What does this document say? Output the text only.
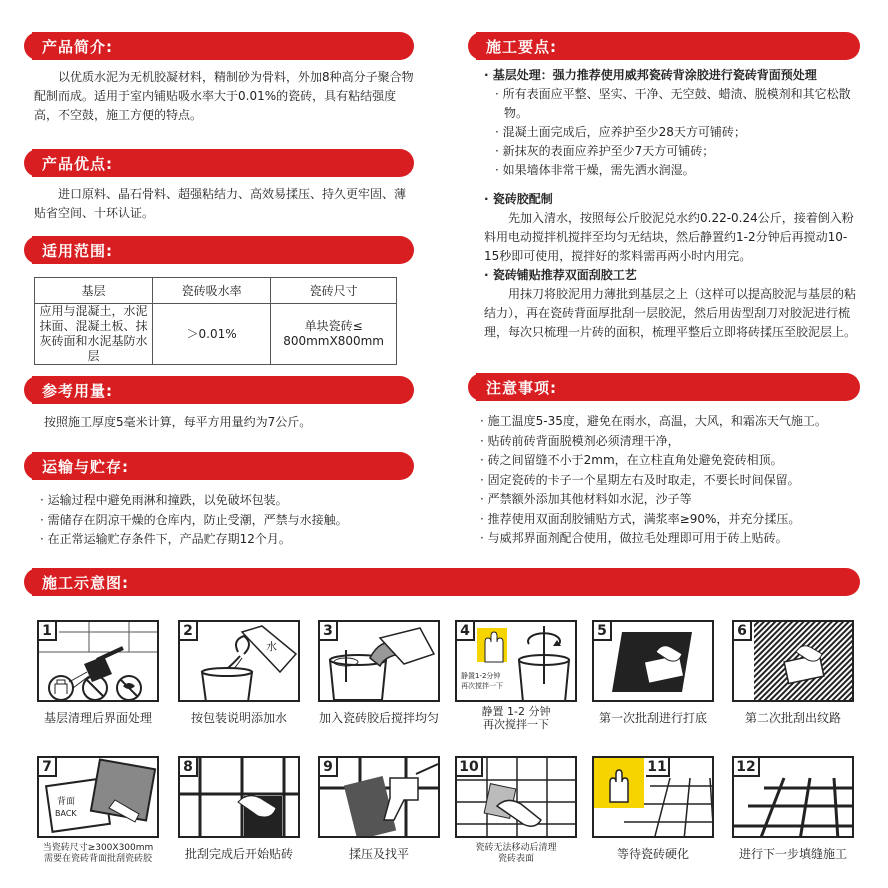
产品简介:
以优质水泥为无机胶凝材料，精制砂为骨料，外加8种高分子聚合物配制而成。适用于室内铺贴吸水率大于0.01%的瓷砖，具有粘结强度高，不空鼓，施工方便的特点。
产品优点:
进口原料、晶石骨料、超强粘结力、高效易揉压、持久更牢固、薄贴省空间、十环认证。
适用范围:
基层	瓷砖吸水率	瓷砖尺寸
应用与混凝土，水泥抹面、混凝土板、抹灰砖面和水泥基防水层	＞0.01%	单块瓷砖≤ 800mmX800mm
参考用量:
按照施工厚度5毫米计算，每平方用量约为7公斤。
运输与贮存:
· 运输过程中避免雨淋和撞跌，以免破坏包装。
· 需储存在阴凉干燥的仓库内，防止受潮，严禁与水接触。
· 在正常运输贮存条件下，产品贮存期12个月。
施工要点:
· 基层处理：强力推荐使用威邦瓷砖背涂胶进行瓷砖背面预处理
· 所有表面应平整、坚实、干净、无空鼓、蜡渍、脱模剂和其它松散物。
· 混凝土面完成后，应养护至少28天方可铺砖；
· 新抹灰的表面应养护至少7天方可铺砖；
· 如果墙体非常干燥，需先洒水润湿。
· 瓷砖胶配制

先加入清水，按照每公斤胶泥兑水约0.22-0.24公斤，接着倒入粉料用电动搅拌机搅拌至均匀无结块，然后静置约1-2分钟后再搅动10-15秒即可使用，搅拌好的浆料需再两小时内用完。

· 瓷砖铺贴推荐双面刮胶工艺

用抹刀将胶泥用力薄批到基层之上（这样可以提高胶泥与基层的粘结力），再在瓷砖背面厚批刮一层胶泥，然后用齿型刮刀对胶泥进行梳理，每次只梳理一片砖的面积，梳理平整后立即将砖揉压至胶泥层上。

注意事项:
· 施工温度5-35度，避免在雨水，高温，大风，和霜冻天气施工。
· 贴砖前砖背面脱模剂必须清理干净，
· 砖之间留缝不小于2mm，在立柱直角处避免瓷砖相顶。
· 固定瓷砖的卡子一个星期左右及时取走，不要长时间保留。
· 严禁额外添加其他材料如水泥，沙子等
· 推荐使用双面刮胶铺贴方式，满浆率≥90%，并充分揉压。
· 与威邦界面剂配合使用，做拉毛处理即可用于砖上贴砖。
施工示意图:
1
基层清理后界面处理
2
水
按包装说明添加水
3
加入瓷砖胶后搅拌均匀
4
静置1-2分钟
再次搅拌一下
静置 1-2 分钟
再次搅拌一下
5
第一次批刮进行打底
6
第二次批刮出纹路
7
背面
BACK
当瓷砖尺寸≥300X300mm
需要在瓷砖背面批刮瓷砖胶
8
批刮完成后开始贴砖
9
揉压及找平
10
瓷砖无法移动后清理
瓷砖表面
11
等待瓷砖硬化
12
进行下一步填缝施工
